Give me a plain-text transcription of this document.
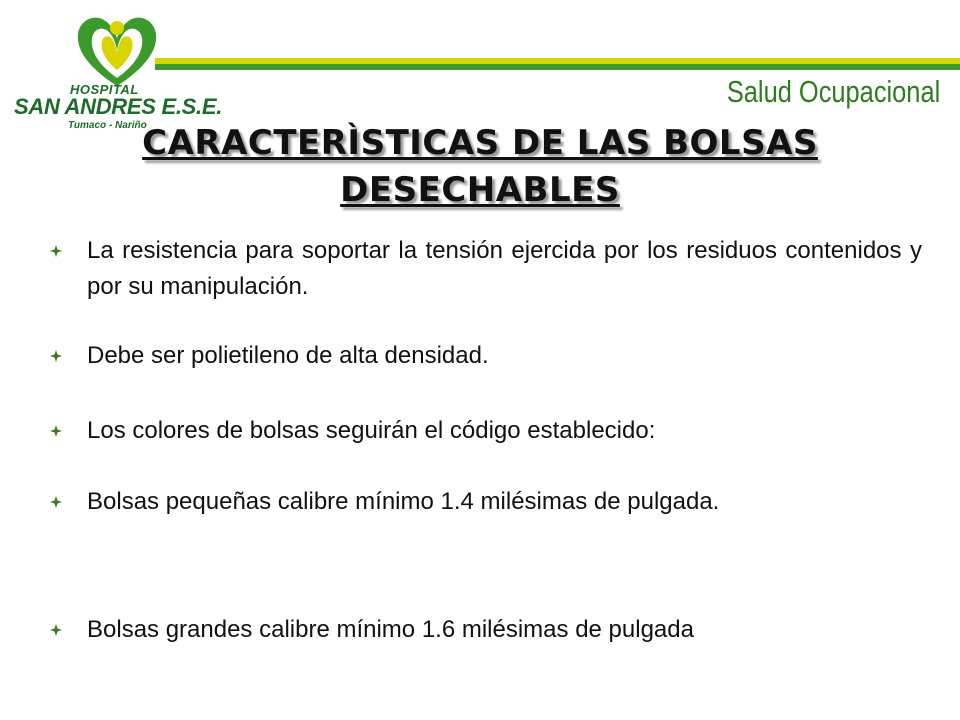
HOSPITAL
SAN ANDRES E.S.E.
Tumaco - Nariño
Salud Ocupacional
CARACTERÌSTICAS DE LAS BOLSAS DESECHABLES
La resistencia para soportar la tensión ejercida por los residuos contenidos y por su manipulación.
Debe ser polietileno de alta densidad.
Los colores de bolsas seguirán el código establecido:
Bolsas pequeñas calibre mínimo 1.4 milésimas de pulgada.
Bolsas grandes calibre mínimo 1.6 milésimas de pulgada
